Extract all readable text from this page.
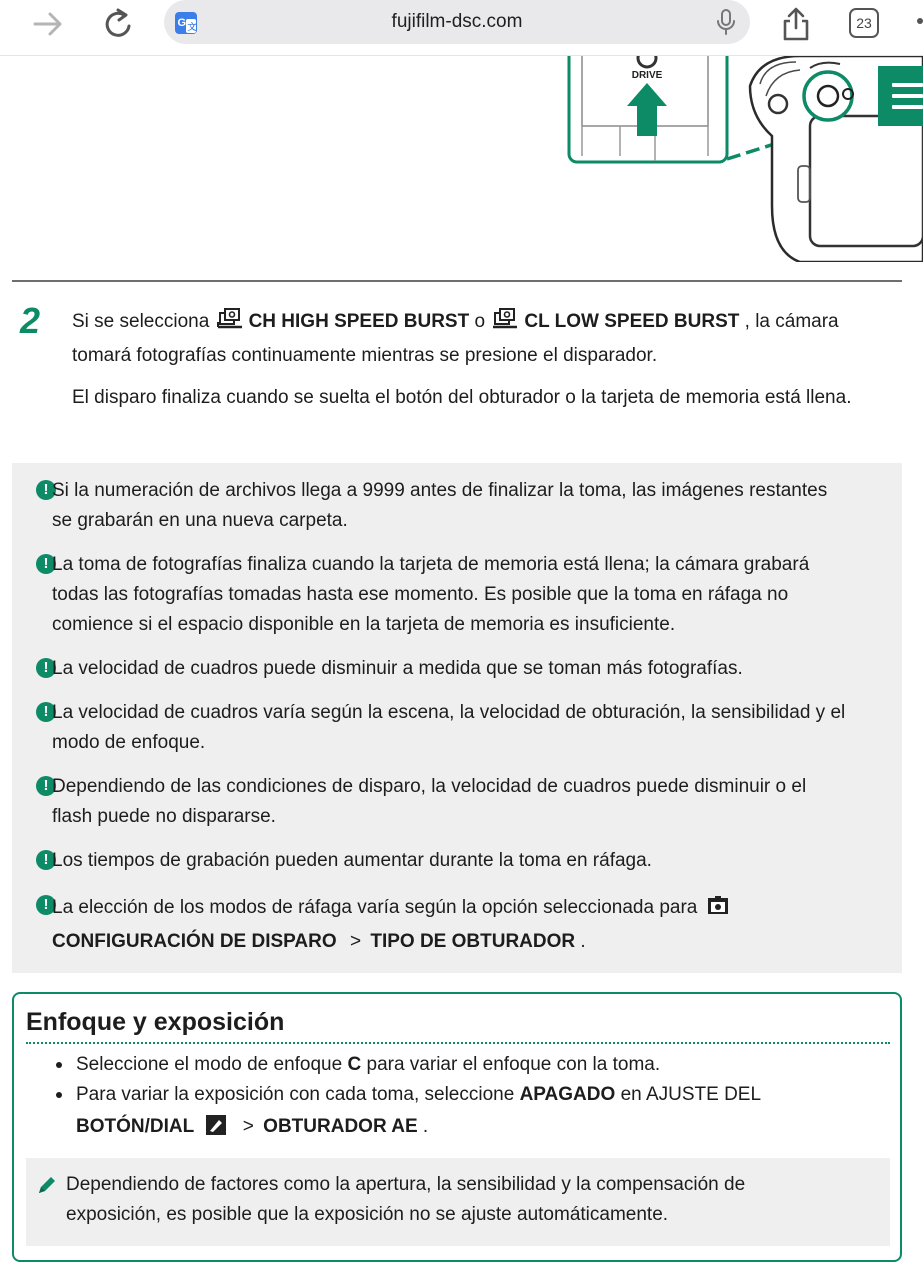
G 文	fujifilm-dsc.com	23
DRIVE
2 Si se selecciona CH HIGH SPEED BURST o CL LOW SPEED BURST , la cámara
tomará fotografías continuamente mientras se presione el disparador.
El disparo finaliza cuando se suelta el botón del obturador o la tarjeta de memoria está llena.
!
Si la numeración de archivos llega a 9999 antes de finalizar la toma, las imágenes restantes
se grabarán en una nueva carpeta.
!
La toma de fotografías finaliza cuando la tarjeta de memoria está llena; la cámara grabará
todas las fotografías tomadas hasta ese momento. Es posible que la toma en ráfaga no
comience si el espacio disponible en la tarjeta de memoria es insuficiente.
!
La velocidad de cuadros puede disminuir a medida que se toman más fotografías.
!
La velocidad de cuadros varía según la escena, la velocidad de obturación, la sensibilidad y el
modo de enfoque.
!
Dependiendo de las condiciones de disparo, la velocidad de cuadros puede disminuir o el
flash puede no dispararse.
!
Los tiempos de grabación pueden aumentar durante la toma en ráfaga.
!
La elección de los modos de ráfaga varía según la opción seleccionada para
CONFIGURACIÓN DE DISPARO > TIPO DE OBTURADOR .
Enfoque y exposición
Seleccione el modo de enfoque C para variar el enfoque con la toma.
Para variar la exposición con cada toma, seleccione APAGADO en AJUSTE DEL
BOTÓN/DIAL	> OBTURADOR AE .
Dependiendo de factores como la apertura, la sensibilidad y la compensación de
exposición, es posible que la exposición no se ajuste automáticamente.
